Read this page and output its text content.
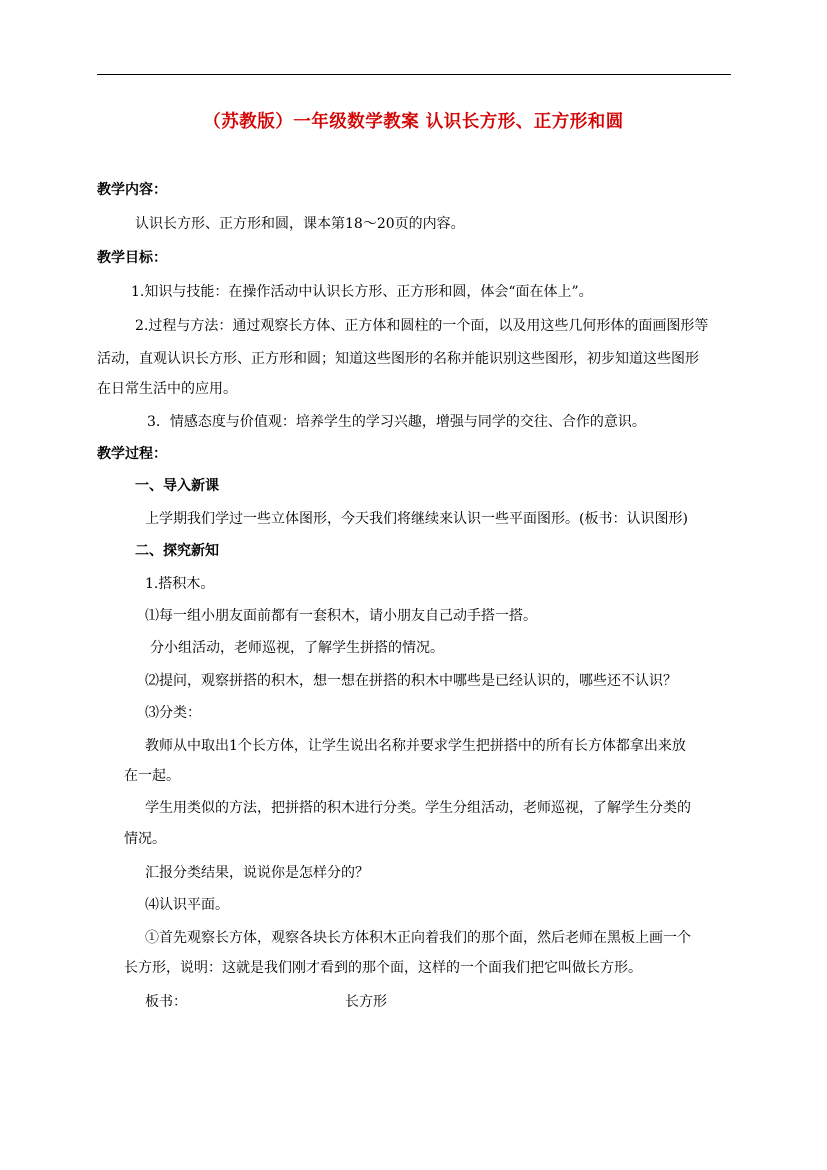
（苏教版）一年级数学教案 认识长方形、正方形和圆
教学内容：
认识长方形、正方形和圆，课本第18～20页的内容。
教学目标：
1.知识与技能：在操作活动中认识长方形、正方形和圆，体会“面在体上”。
2.过程与方法：通过观察长方体、正方体和圆柱的一个面，以及用这些几何形体的面画图形等
活动，直观认识长方形、正方形和圆；知道这些图形的名称并能识别这些图形，初步知道这些图形
在日常生活中的应用。
3．情感态度与价值观：培养学生的学习兴趣，增强与同学的交往、合作的意识。
教学过程：
一、导入新课
上学期我们学过一些立体图形，今天我们将继续来认识一些平面图形。(板书：认识图形)
二、探究新知
1.搭积木。
⑴每一组小朋友面前都有一套积木，请小朋友自己动手搭一搭。
分小组活动，老师巡视，了解学生拼搭的情况。
⑵提问，观察拼搭的积木，想一想在拼搭的积木中哪些是已经认识的，哪些还不认识？
⑶分类：
教师从中取出1个长方体，让学生说出名称并要求学生把拼搭中的所有长方体都拿出来放
在一起。
学生用类似的方法，把拼搭的积木进行分类。学生分组活动，老师巡视，了解学生分类的
情况。
汇报分类结果，说说你是怎样分的？
⑷认识平面。
①首先观察长方体，观察各块长方体积木正向着我们的那个面，然后老师在黑板上画一个
长方形，说明：这就是我们刚才看到的那个面，这样的一个面我们把它叫做长方形。
板书：	长方形
